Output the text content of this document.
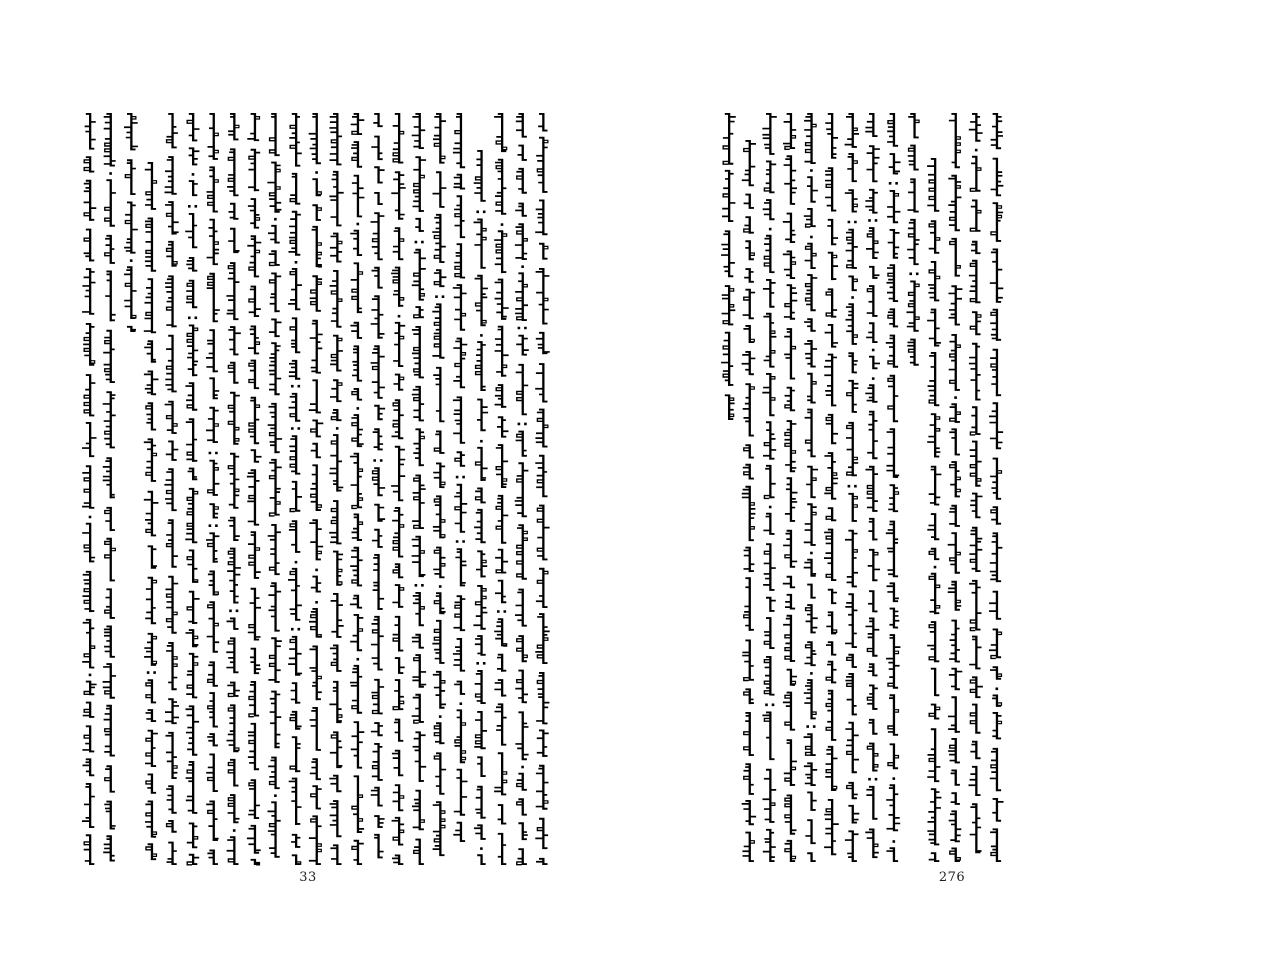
33	276
